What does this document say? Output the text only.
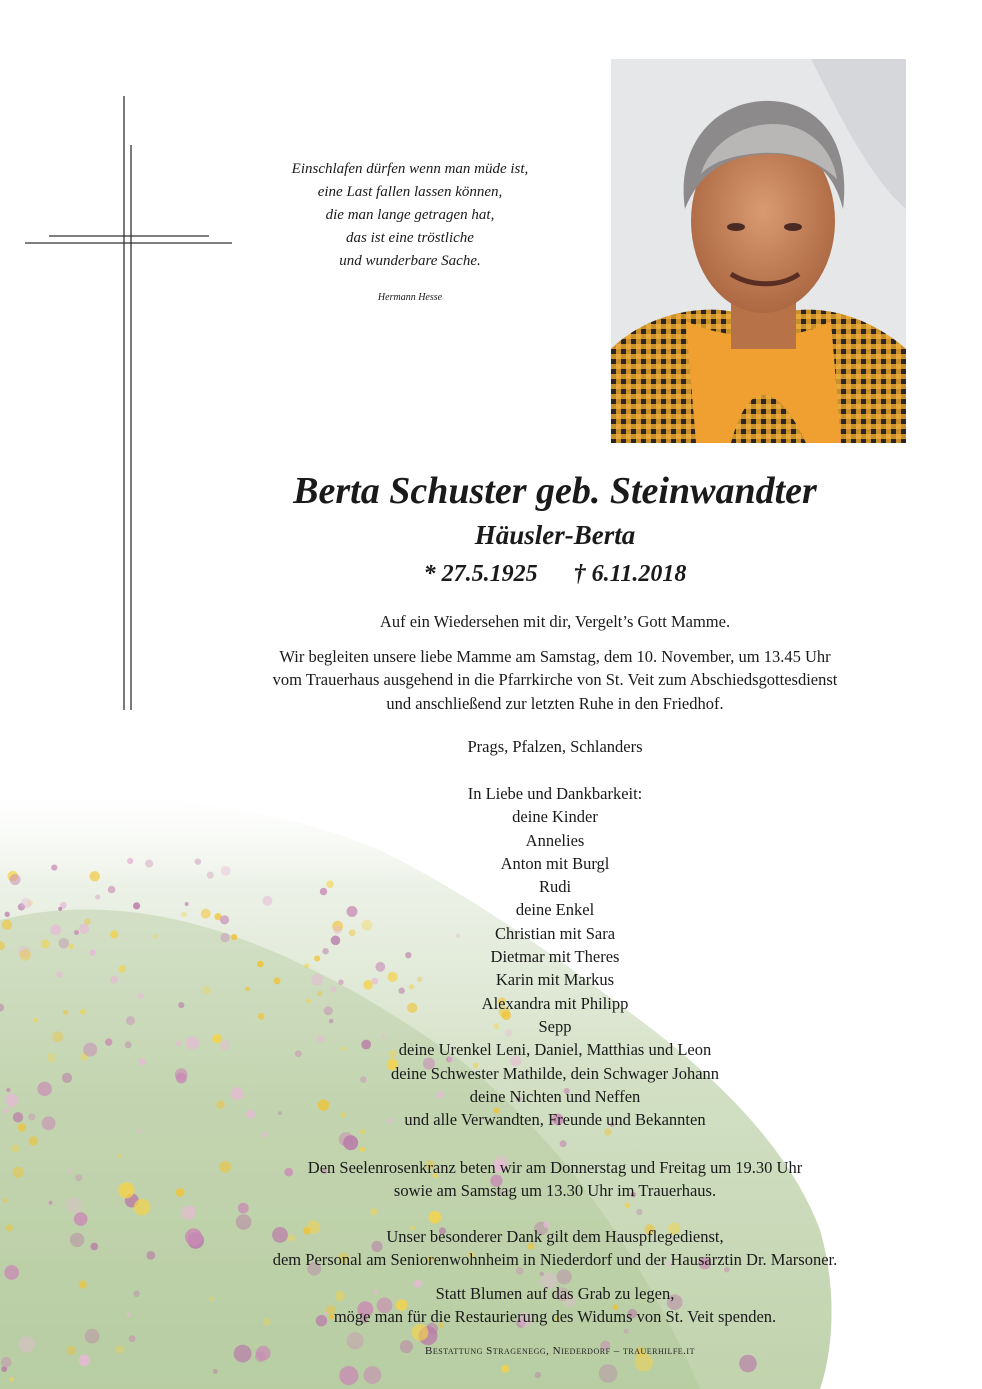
Einschlafen dürfen wenn man müde ist,
eine Last fallen lassen können,
die man lange getragen hat,
das ist eine tröstliche
und wunderbare Sache.
Hermann Hesse
Berta Schuster geb. Steinwandter
Häusler-Berta
* 27.5.1925      † 6.11.2018
Auf ein Wiedersehen mit dir, Vergelt’s Gott Mamme.
Wir begleiten unsere liebe Mamme am Samstag, dem 10. November, um 13.45 Uhr
vom Trauerhaus ausgehend in die Pfarrkirche von St. Veit zum Abschiedsgottesdienst
und anschließend zur letzten Ruhe in den Friedhof.
Prags, Pfalzen, Schlanders
In Liebe und Dankbarkeit:
deine Kinder
Annelies
Anton mit Burgl
Rudi
deine Enkel
Christian mit Sara
Dietmar mit Theres
Karin mit Markus
Alexandra mit Philipp
Sepp
deine Urenkel Leni, Daniel, Matthias und Leon
deine Schwester Mathilde, dein Schwager Johann
deine Nichten und Neffen
und alle Verwandten, Freunde und Bekannten
Den Seelenrosenkranz beten wir am Donnerstag und Freitag um 19.30 Uhr
sowie am Samstag um 13.30 Uhr im Trauerhaus.
Unser besonderer Dank gilt dem Hauspflegedienst,
dem Personal am Seniorenwohnheim in Niederdorf und der Hausärztin Dr. Marsoner.
Statt Blumen auf das Grab zu legen,
möge man für die Restaurierung des Widums von St. Veit spenden.
Bestattung Stragenegg, Niederdorf – trauerhilfe.it
